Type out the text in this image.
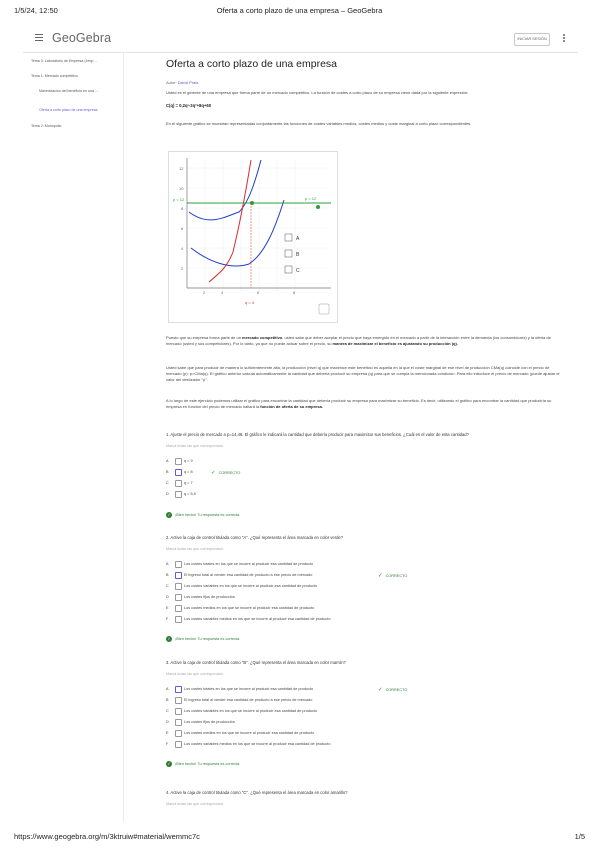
1/5/24, 12:50	Oferta a corto plazo de una empresa – GeoGebra
GeoGebra	INICIAR SESIÓN
Tema 0: Laboratorio de Empresa (Jeop…
Tema 1: Mercado competitivo
Maximización del beneficio en una …
Oferta a corto plazo de una empresa
Tema 2: Monopolio
Oferta a corto plazo de una empresa
Autor: David Prats
Usted es el gerente de una empresa que forma parte de un mercado competitivo. La función de costes a corto plazo de su empresa viene dada por la siguiente expresión:
C(q) = 0,2q³-2q²+8q+60
En el siguiente gráfico se muestran representadas conjuntamente las funciones de costes variables medios, costes medios y coste marginal a corto plazo correspondientes.
12
10
8
6
4
2
2	4	6	8
p = 12	p = 12
q = 4
A
B
C
Puesto que su empresa forma parte de un mercado competitivo, usted sabe que deber aceptar el precio que haya emergido en el mercado a partir de la interacción entre la demanda (los consumidores) y la oferta de mercado (usted y sus competidores). Por lo tanto, ya que no puede actuar sobre el precio, su manera de maximizar el beneficio es ajustando su producción (q).
Usted sabe que para producir de manera lo suficientemente alta, la producción (nivel q) que maximice este beneficio es aquella en la que el coste marginal de ese nivel de producción CMa(q) coincide con el precio de mercado (p): p=CMa(q). El gráfico anterior calcula automáticamente la cantidad que debería producir su empresa (q) para que se cumpla la mencionada condición. Para ello introduce el precio de mercado (puede ajustar el valor del deslizador "p".
A lo largo de este ejercicio podemos utilizar el gráfico para encontrar la cantidad que debería producir su empresa para maximizar su beneficio. Es decir, utilizando el gráfico para encontrar la cantidad que produciría su empresa en función del precio de mercado hallará la función de oferta de su empresa.
1. Ajuste el precio de mercado a p=14,46. El gráfico le indicará la cantidad que debería producir para maximizar sus beneficios. ¿Cuál es el valor de esta cantidad?
Marca todas las que correspondan.
A	q = 9
B	q = 8	✓ CORRECTO
C	q = 7
D	q = 6,5
✓ ¡Bien hecho! Tu respuesta es correcta.
2. Active la caja de control titulada como "A". ¿Qué representa el área marcada en color verde?
Marca todas las que correspondan.
A	Los costes totales en los que se incurre al producir esa cantidad de producto
B	El ingreso total al vender esa cantidad de producto a ese precio de mercado	✓ CORRECTO
C	Los costes variables en los que se incurre al producir esa cantidad de producto
D	Los costes fijos de producción
E	Los costes medios en los que se incurre al producir esa cantidad de producto
F	Los costes variables medios en los que se incurre al producir esa cantidad de producto
✓ ¡Bien hecho! Tu respuesta es correcta.
3. Active la caja de control titulada como "B". ¿Qué representa el área marcada en color marrón?
Marca todas las que correspondan.
A	Los costes totales en los que se incurre al producir esa cantidad de producto	✓ CORRECTO
B	El ingreso total al vender esa cantidad de producto a ese precio de mercado
C	Los costes variables en los que se incurre al producir esa cantidad de producto
D	Los costes fijos de producción
E	Los costes medios en los que se incurre al producir esa cantidad de producto
F	Los costes variables medios en los que se incurre al producir esa cantidad de producto
✓ ¡Bien hecho! Tu respuesta es correcta.
4. Active la caja de control titulada como "C". ¿Qué representa el área marcada en color amarillo?
Marca todas las que correspondan.
https://www.geogebra.org/m/3ktruiw#material/wemmc7c	1/5
